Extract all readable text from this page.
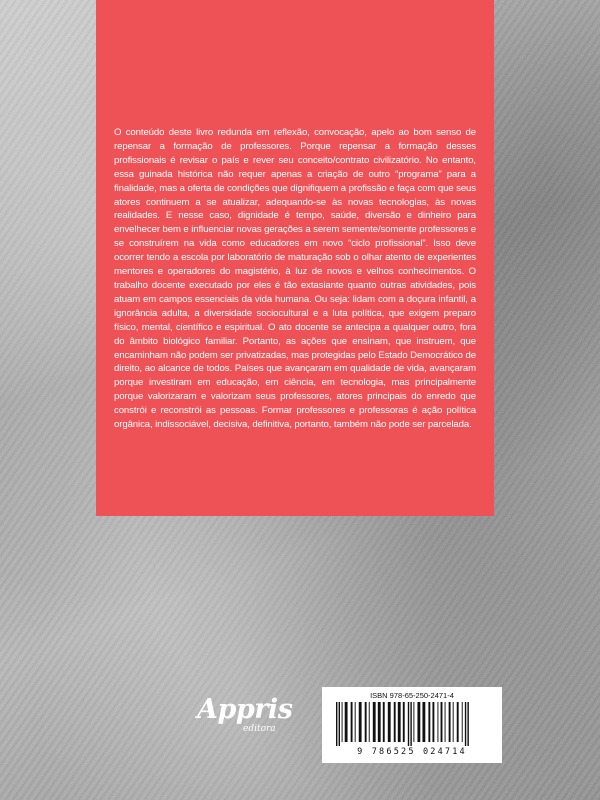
O conteúdo deste livro redunda em reflexão, convocação, apelo ao bom senso de repensar a formação de professores. Porque repensar a formação desses profissionais é revisar o país e rever seu conceito/contrato civilizatório. No entanto, essa guinada histórica não requer apenas a criação de outro “programa” para a finalidade, mas a oferta de condições que dignifiquem a profissão e faça com que seus atores continuem a se atualizar, adequando-se às novas tecnologias, às novas realidades. E nesse caso, dignidade é tempo, saúde, diversão e dinheiro para envelhecer bem e influenciar novas gerações a serem semente/somente professores e se construírem na vida como educadores em novo “ciclo profissional”. Isso deve ocorrer tendo a escola por laboratório de maturação sob o olhar atento de experientes mentores e operadores do magistério, à luz de novos e velhos conhecimentos. O trabalho docente executado por eles é tão extasiante quanto outras atividades, pois atuam em campos essenciais da vida humana. Ou seja: lidam com a doçura infantil, a ignorância adulta, a diversidade sociocultural e a luta política, que exigem preparo físico, mental, científico e espiritual. O ato docente se antecipa a qualquer outro, fora do âmbito biológico familiar. Portanto, as ações que ensinam, que instruem, que encaminham não podem ser privatizadas, mas protegidas pelo Estado Democrático de direito, ao alcance de todos. Países que avançaram em qualidade de vida, avançaram porque investiram em educação, em ciência, em tecnologia, mas principalmente porque valorizaram e valorizam seus professores, atores principais do enredo que constrói e reconstrói as pessoas. Formar professores e professoras é ação política orgânica, indissociável, decisiva, definitiva, portanto, também não pode ser parcelada.

Appris
editora
ISBN 978-65-250-2471-4
9 786525 024714
